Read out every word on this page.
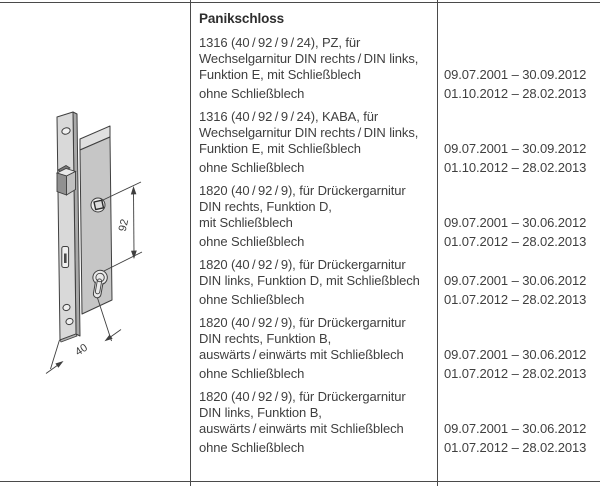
92
40
Panikschloss
1316 (40 / 92 / 9 / 24), PZ, für
Wechselgarnitur DIN rechts / DIN links,
Funktion E, mit Schließblech	09.07.2001 – 30.09.2012
ohne Schließblech	01.10.2012 – 28.02.2013
1316 (40 / 92 / 9 / 24), KABA, für
Wechselgarnitur DIN rechts / DIN links,
Funktion E, mit Schließblech	09.07.2001 – 30.09.2012
ohne Schließblech	01.10.2012 – 28.02.2013
1820 (40 / 92 / 9), für Drückergarnitur
DIN rechts, Funktion D,
mit Schließblech	09.07.2001 – 30.06.2012
ohne Schließblech	01.07.2012 – 28.02.2013
1820 (40 / 92 / 9), für Drückergarnitur
DIN links, Funktion D, mit Schließblech	09.07.2001 – 30.06.2012
ohne Schließblech	01.07.2012 – 28.02.2013
1820 (40 / 92 / 9), für Drückergarnitur
DIN rechts, Funktion B,
auswärts / einwärts mit Schließblech	09.07.2001 – 30.06.2012
ohne Schließblech	01.07.2012 – 28.02.2013
1820 (40 / 92 / 9), für Drückergarnitur
DIN links, Funktion B,
auswärts / einwärts mit Schließblech	09.07.2001 – 30.06.2012
ohne Schließblech	01.07.2012 – 28.02.2013
